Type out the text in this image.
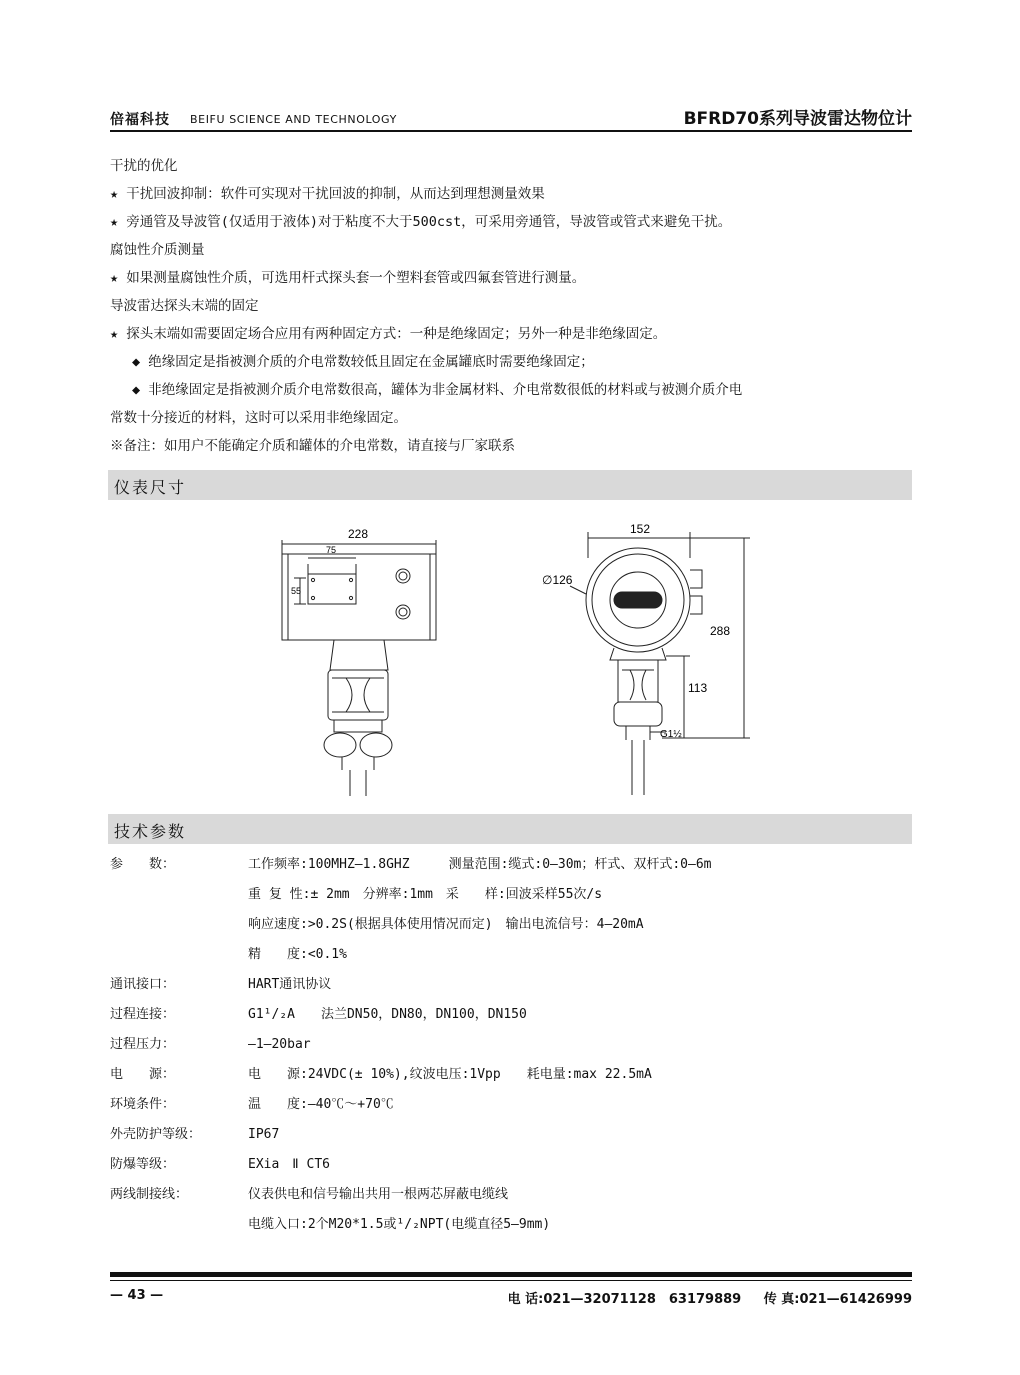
倍福科技 BEIFU SCIENCE AND TECHNOLOGY	BFRD70系列导波雷达物位计
干扰的优化
★ 干扰回波抑制：软件可实现对干扰回波的抑制，从而达到理想测量效果
★ 旁通管及导波管(仅适用于液体)对于粘度不大于500cst，可采用旁通管，导波管或管式来避免干扰。
腐蚀性介质测量
★ 如果测量腐蚀性介质，可选用杆式探头套一个塑料套管或四氟套管进行测量。
导波雷达探头末端的固定
★ 探头末端如需要固定场合应用有两种固定方式：一种是绝缘固定；另外一种是非绝缘固定。
◆ 绝缘固定是指被测介质的介电常数较低且固定在金属罐底时需要绝缘固定；
◆ 非绝缘固定是指被测介质介电常数很高，罐体为非金属材料、介电常数很低的材料或与被测介质介电
常数十分接近的材料，这时可以采用非绝缘固定。
※备注：如用户不能确定介质和罐体的介电常数，请直接与厂家联系
仪表尺寸
228
75
55
152
∅126
288
113
G1½
技术参数
参　　数：	工作频率:100MHZ—1.8GHZ　　　测量范围:缆式:0—30m；杆式、双杆式:0—6m
重 复 性:± 2mm　分辨率:1mm　采　　样:回波采样55次/s
响应速度:>0.2S(根据具体使用情况而定)　输出电流信号：4—20mA
精　　度:<0.1%
通讯接口：	HART通讯协议
过程连接：	G1¹/₂A　　法兰DN50，DN80，DN100，DN150
过程压力：	—1—20bar
电　　源：	电　　源:24VDC(± 10%),纹波电压:1Vpp　　耗电量:max 22.5mA
环境条件：	温　　度:—40℃～+70℃
外壳防护等级：	IP67
防爆等级：	EXia　Ⅱ CT6
两线制接线：	仪表供电和信号输出共用一根两芯屏蔽电缆线
电缆入口:2个M20*1.5或¹/₂NPT(电缆直径5—9mm)
— 43 —	电 话:021—32071128　63179889 传 真:021—61426999
